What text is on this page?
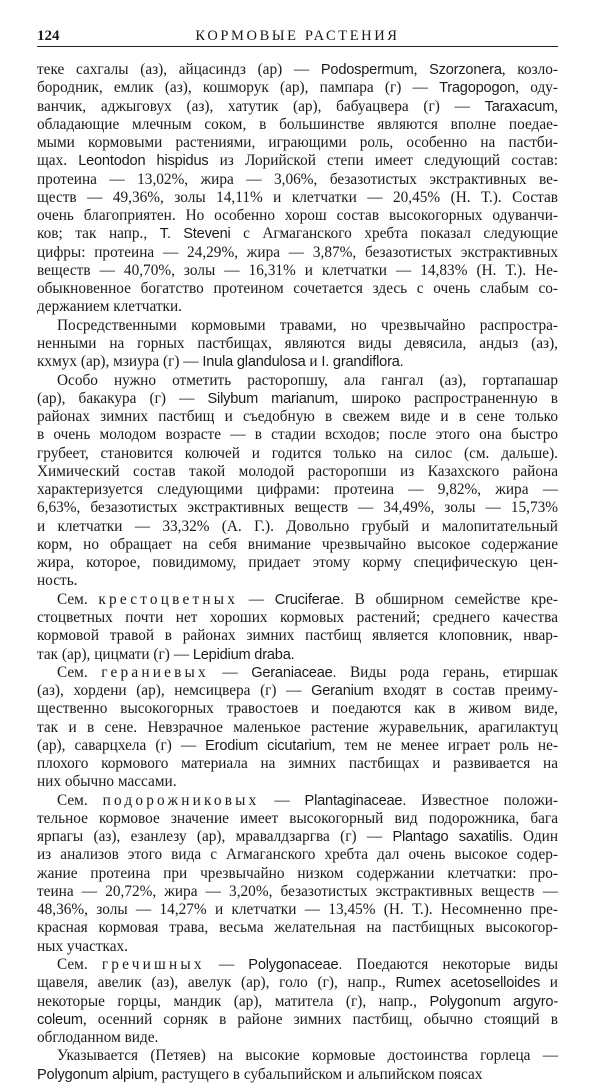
124	КОРМОВЫЕ РАСТЕНИЯ
теке сахгалы (аз), айцасиндз (ар) — Podospermum, Szorzonera, козло-
бородник, емлик (аз), кошморук (ар), пампара (г) — Tragopogon, оду-
ванчик, аджыговух (аз), хатутик (ар), бабуацвера (г) — Taraxacum,
обладающие млечным соком, в большинстве являются вполне поедае-
мыми кормовыми растениями, играющими роль, особенно на пастби-
щах. Leontodon hispidus из Лорийской степи имеет следующий состав:
протеина — 13,02%, жира — 3,06%, безазотистых экстрактивных ве-
ществ — 49,36%, золы 14,11% и клетчатки — 20,45% (Н. Т.). Состав
очень благоприятен. Но особенно хорош состав высокогорных одуванчи-
ков; так напр., T. Steveni с Агмаганского хребта показал следующие
цифры: протеина — 24,29%, жира — 3,87%, безазотистых экстрактивных
веществ — 40,70%, золы — 16,31% и клетчатки — 14,83% (Н. Т.). Не-
обыкновенное богатство протеином сочетается здесь с очень слабым со-
держанием клетчатки.
Посредственными кормовыми травами, но чрезвычайно распростра-
ненными на горных пастбищах, являются виды девясила, андыз (аз),
кхмух (ар), мзиура (г) — Inula glandulosa и I. grandiflora.
Особо нужно отметить расторопшу, ала гангал (аз), гортапашар
(ар), бакакура (г) — Silybum marianum, широко распространенную в
районах зимних пастбищ и съедобную в свежем виде и в сене только
в очень молодом возрасте — в стадии всходов; после этого она быстро
грубеет, становится колючей и годится только на силос (см. дальше).
Химический состав такой молодой расторопши из Казахского района
характеризуется следующими цифрами: протеина — 9,82%, жира —
6,63%, безазотистых экстрактивных веществ — 34,49%, золы — 15,73%
и клетчатки — 33,32% (А. Г.). Довольно грубый и малопитательный
корм, но обращает на себя внимание чрезвычайно высокое содержание
жира, которое, повидимому, придает этому корму специфическую цен-
ность.
Сем. крестоцветных — Cruciferae. В обширном семействе кре-
стоцветных почти нет хороших кормовых растений; среднего качества
кормовой травой в районах зимних пастбищ является клоповник, нвар-
так (ар), цицмати (г) — Lepidium draba.
Сем. гераниевых — Geraniaceae. Виды рода герань, етиршак
(аз), хордени (ар), немсицвера (г) — Geranium входят в состав преиму-
щественно высокогорных травостоев и поедаются как в живом виде,
так и в сене. Невзрачное маленькое растение журавельник, арагилактуц
(ар), саварцхела (г) — Erodium cicutarium, тем не менее играет роль не-
плохого кормового материала на зимних пастбищах и развивается на
них обычно массами.
Сем. подорожниковых — Plantaginaceae. Известное положи-
тельное кормовое значение имеет высокогорный вид подорожника, бага
ярпагы (аз), езанлезу (ар), мравалдзаргва (г) — Plantago saxatilis. Один
из анализов этого вида с Агмаганского хребта дал очень высокое содер-
жание протеина при чрезвычайно низком содержании клетчатки: про-
теина — 20,72%, жира — 3,20%, безазотистых экстрактивных веществ —
48,36%, золы — 14,27% и клетчатки — 13,45% (Н. Т.). Несомненно пре-
красная кормовая трава, весьма желательная на пастбищных высокогор-
ных участках.
Сем. гречишных — Polygonaceae. Поедаются некоторые виды
щавеля, авелик (аз), авелук (ар), голо (г), напр., Rumex acetoselloides и
некоторые горцы, мандик (ар), матитела (г), напр., Polygonum argyro-
coleum, осенний сорняк в районе зимних пастбищ, обычно стоящий в
обглоданном виде.
Указывается (Петяев) на высокие кормовые достоинства горлеца —
Polygonum alpium, растущего в субальпийском и альпийском поясах
